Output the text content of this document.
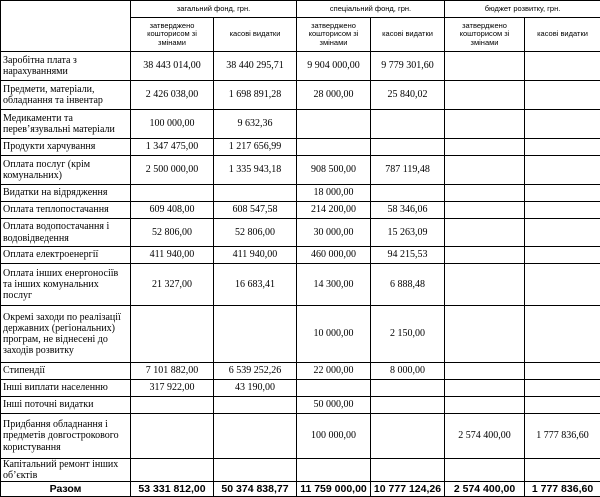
	загальний фонд, грн.		спеціальний фонд, грн.		бюджет розвитку, грн.	
	затверджено кошторисом зі змінами	касові видатки	затверджено кошторисом зі змінами	касові видатки	затверджено кошторисом зі змінами	касові видатки
Заробітна плата з нарахуваннями	38 443 014,00	38 440 295,71	9 904 000,00	9 779 301,60		
Предмети, матеріали, обладнання та інвентар	2 426 038,00	1 698 891,28	28 000,00	25 840,02		
Медикаменти та перев’язувальні матеріали	100 000,00	9 632,36				
Продукти харчування	1 347 475,00	1 217 656,99				
Оплата послуг (крім комунальних)	2 500 000,00	1 335 943,18	908 500,00	787 119,48		
Видатки на відрядження			18 000,00			
Оплата теплопостачання	609 408,00	608 547,58	214 200,00	58 346,06		
Оплата водопостачання і водовідведення	52 806,00	52 806,00	30 000,00	15 263,09		
Оплата електроенергії	411 940,00	411 940,00	460 000,00	94 215,53		
Оплата інших енергоносіїв та інших комунальних послуг	21 327,00	16 683,41	14 300,00	6 888,48		
Окремі заходи по реалізації державних (регіональних) програм, не віднесені до заходів розвитку			10 000,00	2 150,00		
Стипендії	7 101 882,00	6 539 252,26	22 000,00	8 000,00		
Інші виплати населенню	317 922,00	43 190,00				
Інші поточні видатки			50 000,00			
Придбання обладнання і предметів довгострокового користування			100 000,00		2 574 400,00	1 777 836,60
Капітальний ремонт інших об’єктів						
Разом	53 331 812,00	50 374 838,77	11 759 000,00	10 777 124,26	2 574 400,00	1 777 836,60
